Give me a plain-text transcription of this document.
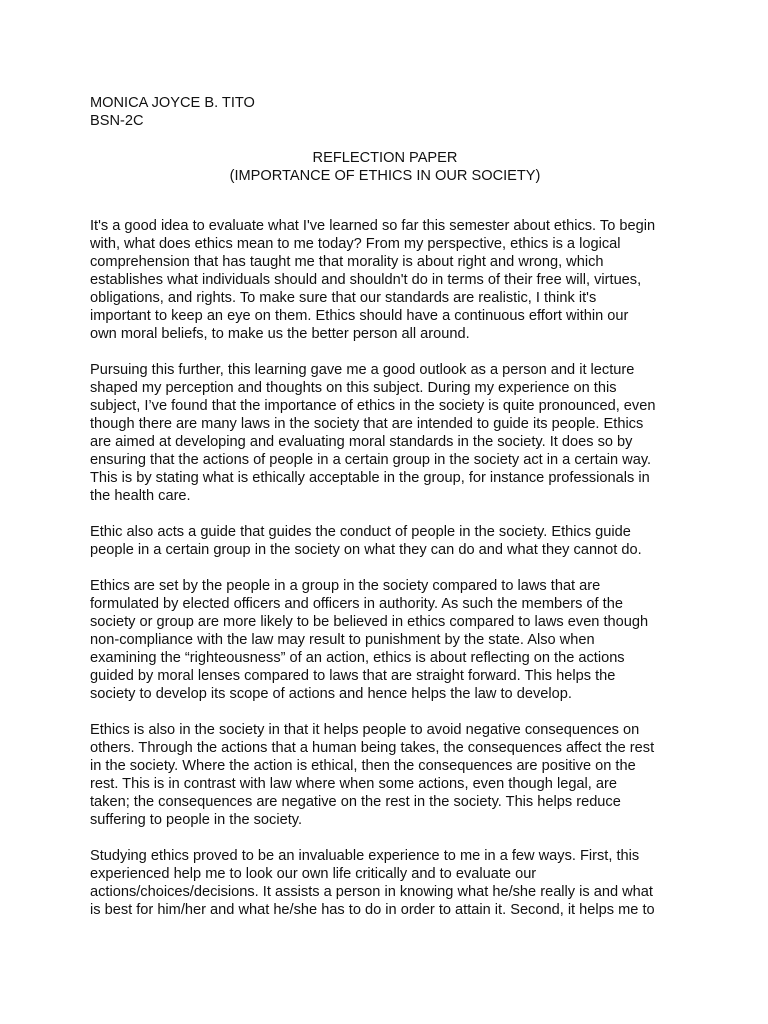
MONICA JOYCE B. TITO
BSN-2C
REFLECTION PAPER
(IMPORTANCE OF ETHICS IN OUR SOCIETY)

It's a good idea to evaluate what I've learned so far this semester about ethics. To begin
with, what does ethics mean to me today? From my perspective, ethics is a logical
comprehension that has taught me that morality is about right and wrong, which
establishes what individuals should and shouldn't do in terms of their free will, virtues,
obligations, and rights. To make sure that our standards are realistic, I think it's
important to keep an eye on them. Ethics should have a continuous effort within our
own moral beliefs, to make us the better person all around.

Pursuing this further, this learning gave me a good outlook as a person and it lecture
shaped my perception and thoughts on this subject. During my experience on this
subject, I’ve found that the importance of ethics in the society is quite pronounced, even
though there are many laws in the society that are intended to guide its people. Ethics
are aimed at developing and evaluating moral standards in the society. It does so by
ensuring that the actions of people in a certain group in the society act in a certain way.
This is by stating what is ethically acceptable in the group, for instance professionals in
the health care.

Ethic also acts a guide that guides the conduct of people in the society. Ethics guide
people in a certain group in the society on what they can do and what they cannot do.

Ethics are set by the people in a group in the society compared to laws that are
formulated by elected officers and officers in authority. As such the members of the
society or group are more likely to be believed in ethics compared to laws even though
non-compliance with the law may result to punishment by the state. Also when
examining the “righteousness” of an action, ethics is about reflecting on the actions
guided by moral lenses compared to laws that are straight forward. This helps the
society to develop its scope of actions and hence helps the law to develop.

Ethics is also in the society in that it helps people to avoid negative consequences on
others. Through the actions that a human being takes, the consequences affect the rest
in the society. Where the action is ethical, then the consequences are positive on the
rest. This is in contrast with law where when some actions, even though legal, are
taken; the consequences are negative on the rest in the society. This helps reduce
suffering to people in the society.

Studying ethics proved to be an invaluable experience to me in a few ways. First, this
experienced help me to look our own life critically and to evaluate our
actions/choices/decisions. It assists a person in knowing what he/she really is and what
is best for him/her and what he/she has to do in order to attain it. Second, it helps me to
